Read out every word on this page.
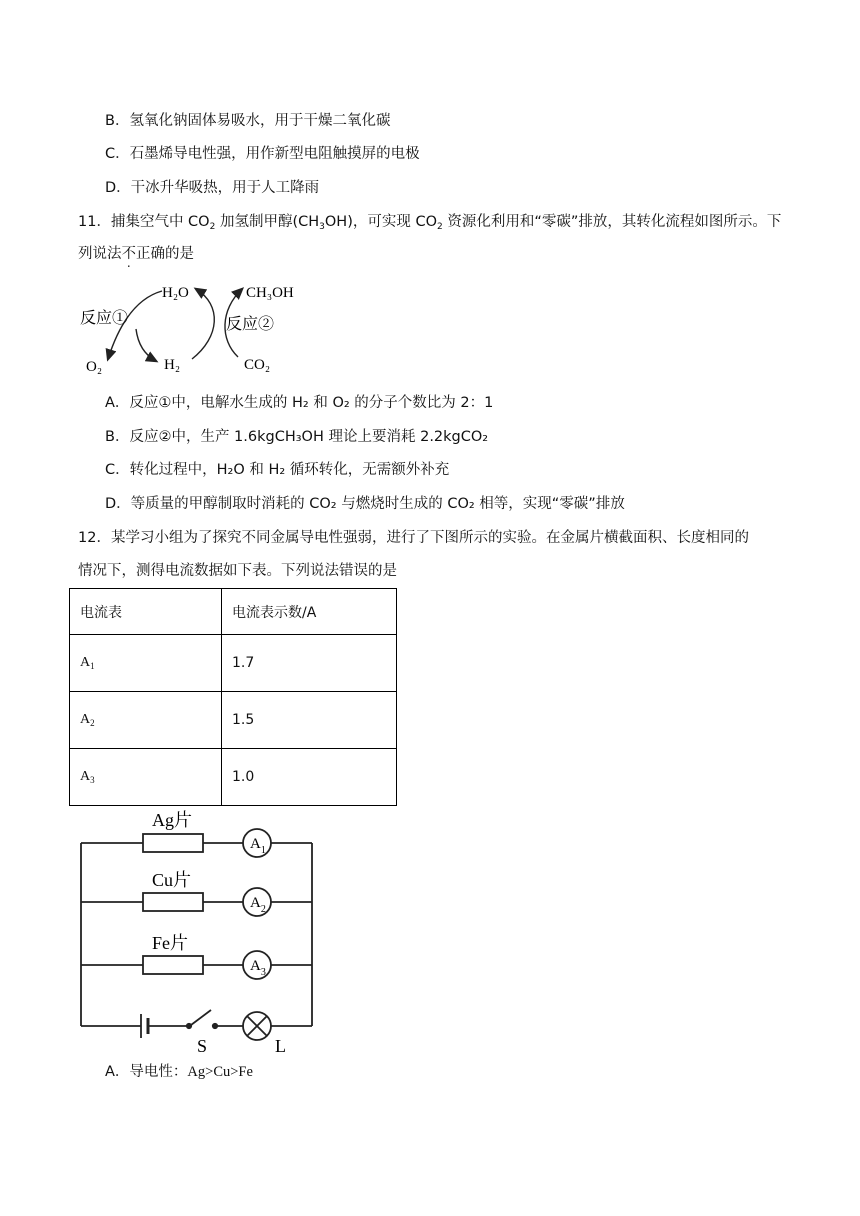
B．氢氧化钠固体易吸水，用于干燥二氧化碳
C．石墨烯导电性强，用作新型电阻触摸屏的电极
D．干冰升华吸热，用于人工降雨
11．捕集空气中 $CO_2$ 加氢制甲醇$(CH_3OH)$，可实现 $CO_2$ 资源化利用和“零碳”排放，其转化流程如图所示。下
列说法不正确的是
反应①	反应②
H₂O	CH₃OH
O₂	H₂	CO₂
A．反应①中，电解水生成的 H₂ 和 O₂ 的分子个数比为 2：1
B．反应②中，生产 1.6kgCH₃OH 理论上要消耗 2.2kgCO₂
C．转化过程中，H₂O 和 H₂ 循环转化，无需额外补充
D．等质量的甲醇制取时消耗的 CO₂ 与燃烧时生成的 CO₂ 相等，实现“零碳”排放
12．某学习小组为了探究不同金属导电性强弱，进行了下图所示的实验。在金属片横截面积、长度相同的
情况下，测得电流数据如下表。下列说法错误的是
电流表	电流表示数/A
$A_1$	1.7
$A_2$	1.5
$A_3$	1.0
Ag片
Cu片
Fe片
$A_1$
$A_2$
$A_3$
S	L
A．导电性：Ag>Cu>Fe
